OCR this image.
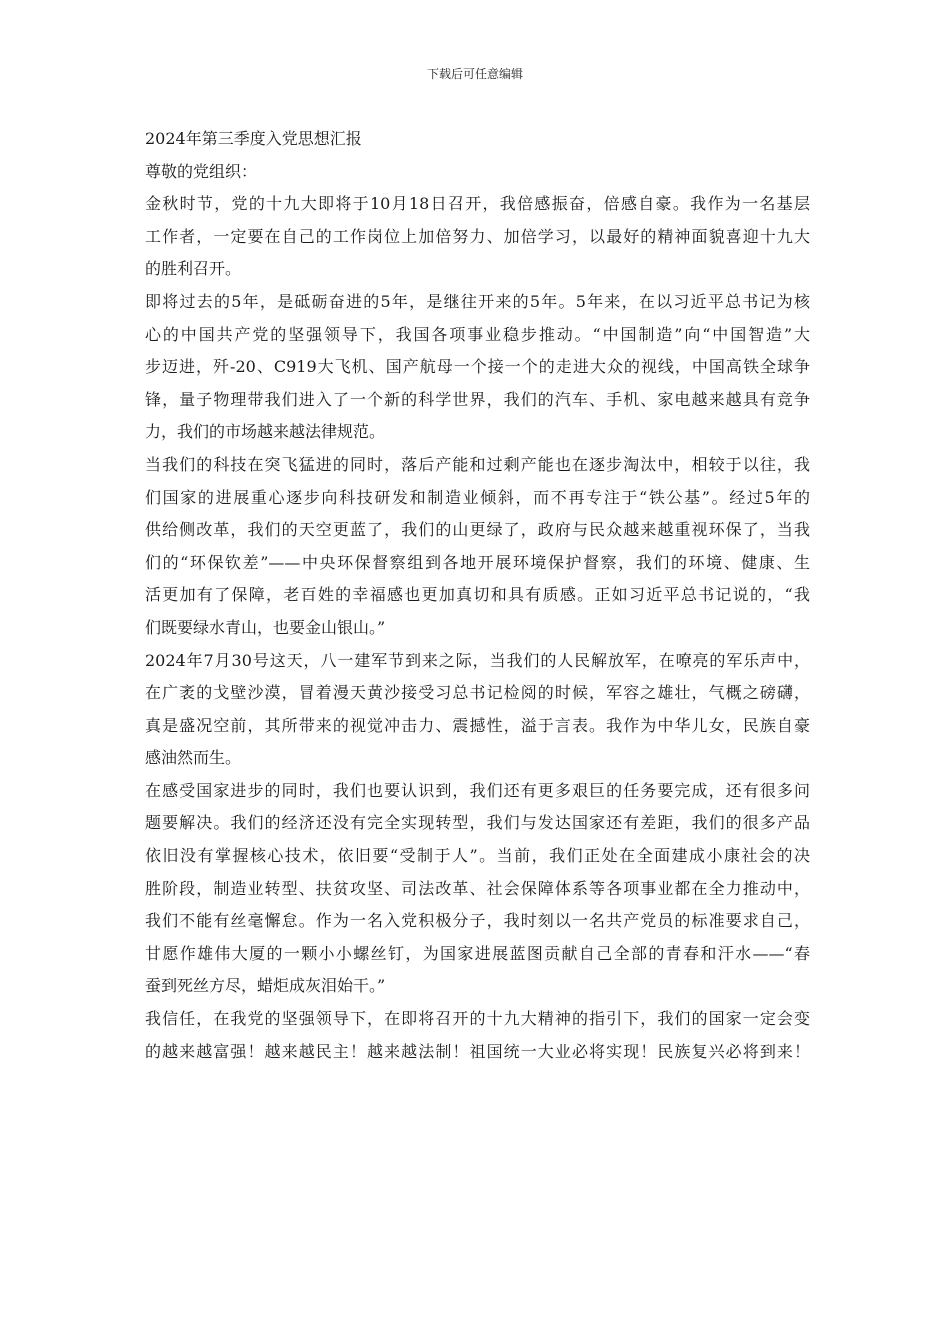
下载后可任意编辑
2024年第三季度入党思想汇报
尊敬的党组织：
金秋时节，党的十九大即将于10月18日召开，我倍感振奋，倍感自豪。我作为一名基层
工作者，一定要在自己的工作岗位上加倍努力、加倍学习，以最好的精神面貌喜迎十九大
的胜利召开。
即将过去的5年，是砥砺奋进的5年，是继往开来的5年。5年来，在以习近平总书记为核
心的中国共产党的坚强领导下，我国各项事业稳步推动。“中国制造”向“中国智造”大
步迈进，歼-20、C919大飞机、国产航母一个接一个的走进大众的视线，中国高铁全球争
锋，量子物理带我们进入了一个新的科学世界，我们的汽车、手机、家电越来越具有竞争
力，我们的市场越来越法律规范。
当我们的科技在突飞猛进的同时，落后产能和过剩产能也在逐步淘汰中，相较于以往，我
们国家的进展重心逐步向科技研发和制造业倾斜，而不再专注于“铁公基”。经过5年的
供给侧改革，我们的天空更蓝了，我们的山更绿了，政府与民众越来越重视环保了，当我
们的“环保钦差”——中央环保督察组到各地开展环境保护督察，我们的环境、健康、生
活更加有了保障，老百姓的幸福感也更加真切和具有质感。正如习近平总书记说的，“我
们既要绿水青山，也要金山银山。”
2024年7月30号这天，八一建军节到来之际，当我们的人民解放军，在嘹亮的军乐声中，
在广袤的戈壁沙漠，冒着漫天黄沙接受习总书记检阅的时候，军容之雄壮，气概之磅礴，
真是盛况空前，其所带来的视觉冲击力、震撼性，溢于言表。我作为中华儿女，民族自豪
感油然而生。
在感受国家进步的同时，我们也要认识到，我们还有更多艰巨的任务要完成，还有很多问
题要解决。我们的经济还没有完全实现转型，我们与发达国家还有差距，我们的很多产品
依旧没有掌握核心技术，依旧要“受制于人”。当前，我们正处在全面建成小康社会的决
胜阶段，制造业转型、扶贫攻坚、司法改革、社会保障体系等各项事业都在全力推动中，
我们不能有丝毫懈怠。作为一名入党积极分子，我时刻以一名共产党员的标准要求自己，
甘愿作雄伟大厦的一颗小小螺丝钉，为国家进展蓝图贡献自己全部的青春和汗水——“春
蚕到死丝方尽，蜡炬成灰泪始干。”
我信任，在我党的坚强领导下，在即将召开的十九大精神的指引下，我们的国家一定会变
的越来越富强！越来越民主！越来越法制！祖国统一大业必将实现！民族复兴必将到来！
